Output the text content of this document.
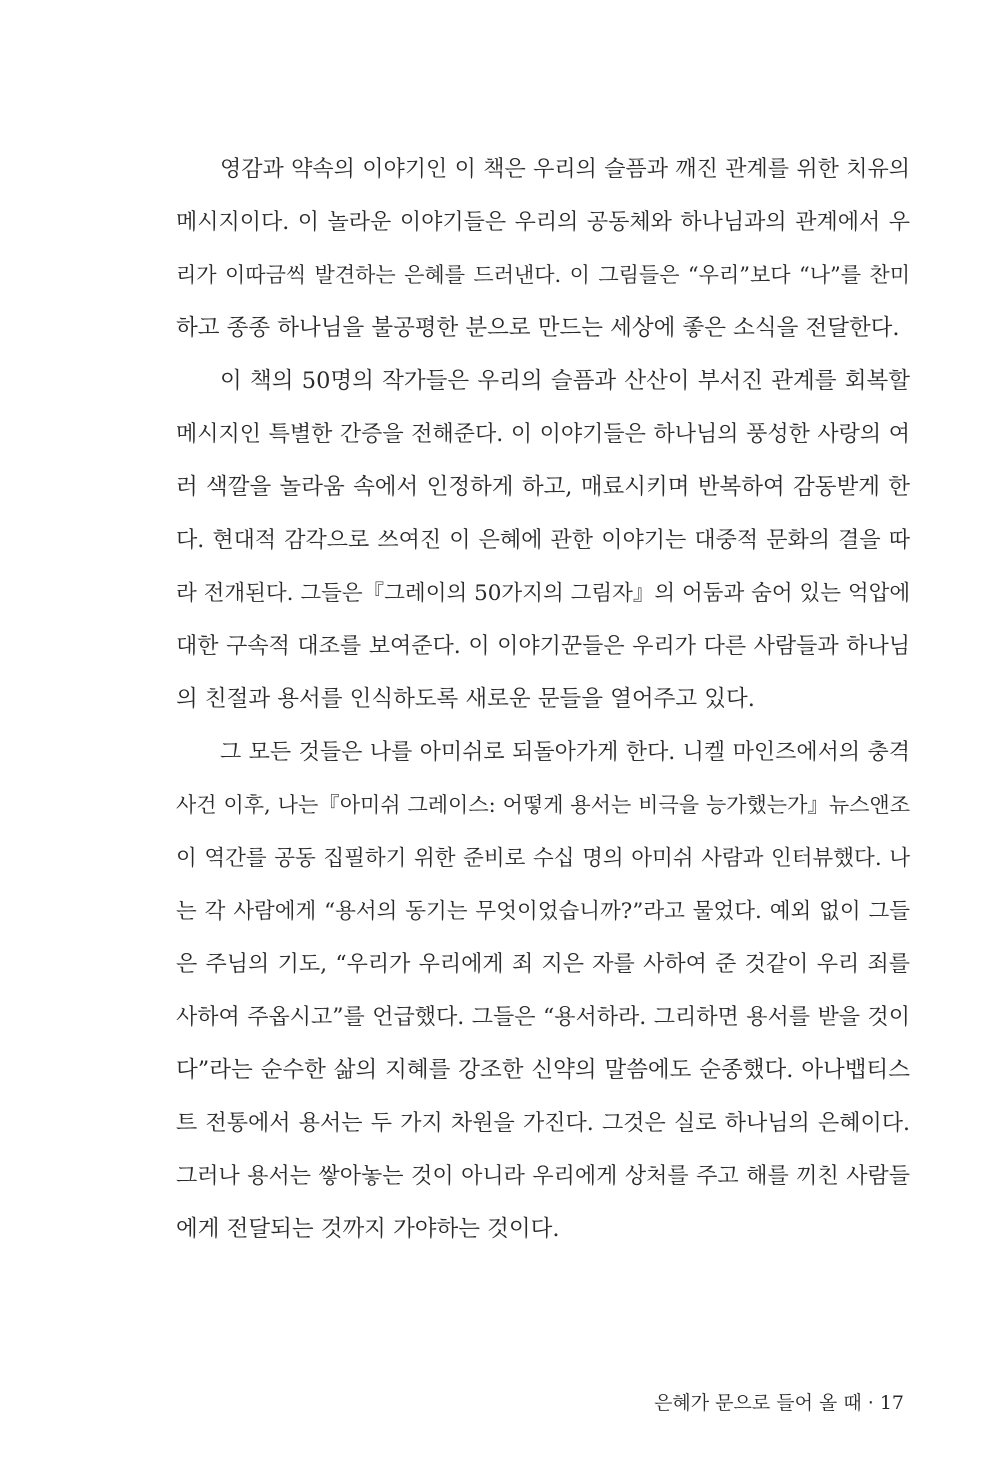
영감과 약속의 이야기인 이 책은 우리의 슬픔과 깨진 관계를 위한 치유의
메시지이다. 이 놀라운 이야기들은 우리의 공동체와 하나님과의 관계에서 우
리가 이따금씩 발견하는 은혜를 드러낸다. 이 그림들은 “우리”보다 “나”를 찬미
하고 종종 하나님을 불공평한 분으로 만드는 세상에 좋은 소식을 전달한다.
이 책의 50명의 작가들은 우리의 슬픔과 산산이 부서진 관계를 회복할
메시지인 특별한 간증을 전해준다. 이 이야기들은 하나님의 풍성한 사랑의 여
러 색깔을 놀라움 속에서 인정하게 하고, 매료시키며 반복하여 감동받게 한
다. 현대적 감각으로 쓰여진 이 은혜에 관한 이야기는 대중적 문화의 결을 따
라 전개된다. 그들은『그레이의 50가지의 그림자』의 어둠과 숨어 있는 억압에
대한 구속적 대조를 보여준다. 이 이야기꾼들은 우리가 다른 사람들과 하나님
의 친절과 용서를 인식하도록 새로운 문들을 열어주고 있다.
그 모든 것들은 나를 아미쉬로 되돌아가게 한다. 니켈 마인즈에서의 충격
사건 이후, 나는『아미쉬 그레이스: 어떻게 용서는 비극을 능가했는가』뉴스앤조
이 역간를 공동 집필하기 위한 준비로 수십 명의 아미쉬 사람과 인터뷰했다. 나
는 각 사람에게 “용서의 동기는 무엇이었습니까?”라고 물었다. 예외 없이 그들
은 주님의 기도, “우리가 우리에게 죄 지은 자를 사하여 준 것같이 우리 죄를
사하여 주옵시고”를 언급했다. 그들은 “용서하라. 그리하면 용서를 받을 것이
다”라는 순수한 삶의 지혜를 강조한 신약의 말씀에도 순종했다. 아나뱁티스
트 전통에서 용서는 두 가지 차원을 가진다. 그것은 실로 하나님의 은혜이다.
그러나 용서는 쌓아놓는 것이 아니라 우리에게 상처를 주고 해를 끼친 사람들
에게 전달되는 것까지 가야하는 것이다.
은혜가 문으로 들어 올 때 · 17
